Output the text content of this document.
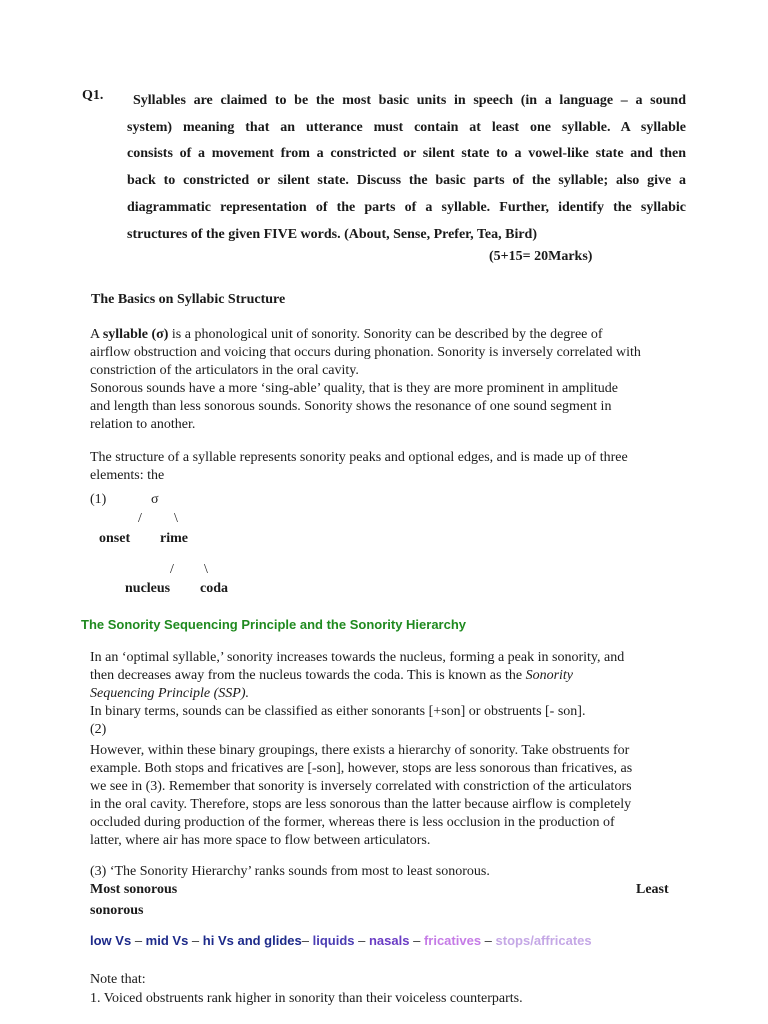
Q1. Syllables are claimed to be the most basic units in speech (in a language – a sound
system) meaning that an utterance must contain at least one syllable. A syllable
consists of a movement from a constricted or silent state to a vowel-like state and then
back to constricted or silent state. Discuss the basic parts of the syllable; also give a
diagrammatic representation of the parts of a syllable. Further, identify the syllabic
structures of the given FIVE words. (About, Sense, Prefer, Tea, Bird)
(5+15= 20Marks)
The Basics on Syllabic Structure
A syllable (σ) is a phonological unit of sonority. Sonority can be described by the degree of
airflow obstruction and voicing that occurs during phonation. Sonority is inversely correlated with
constriction of the articulators in the oral cavity.
Sonorous sounds have a more ‘sing-able’ quality, that is they are more prominent in amplitude
and length than less sonorous sounds. Sonority shows the resonance of one sound segment in
relation to another.
The structure of a syllable represents sonority peaks and optional edges, and is made up of three
elements: the
(1)	σ
/ \
onset rime
/ \
nucleus coda
The Sonority Sequencing Principle and the Sonority Hierarchy
In an ‘optimal syllable,’ sonority increases towards the nucleus, forming a peak in sonority, and
then decreases away from the nucleus towards the coda. This is known as the Sonority
Sequencing Principle (SSP).
In binary terms, sounds can be classified as either sonorants [+son] or obstruents [- son].
(2)
However, within these binary groupings, there exists a hierarchy of sonority. Take obstruents for
example. Both stops and fricatives are [-son], however, stops are less sonorous than fricatives, as
we see in (3). Remember that sonority is inversely correlated with constriction of the articulators
in the oral cavity. Therefore, stops are less sonorous than the latter because airflow is completely
occluded during production of the former, whereas there is less occlusion in the production of
latter, where air has more space to flow between articulators.
(3) ‘The Sonority Hierarchy’ ranks sounds from most to least sonorous.
Most sonorous	Least
sonorous
low Vs – mid Vs – hi Vs and glides– liquids – nasals – fricatives – stops/affricates
Note that:
1. Voiced obstruents rank higher in sonority than their voiceless counterparts.
